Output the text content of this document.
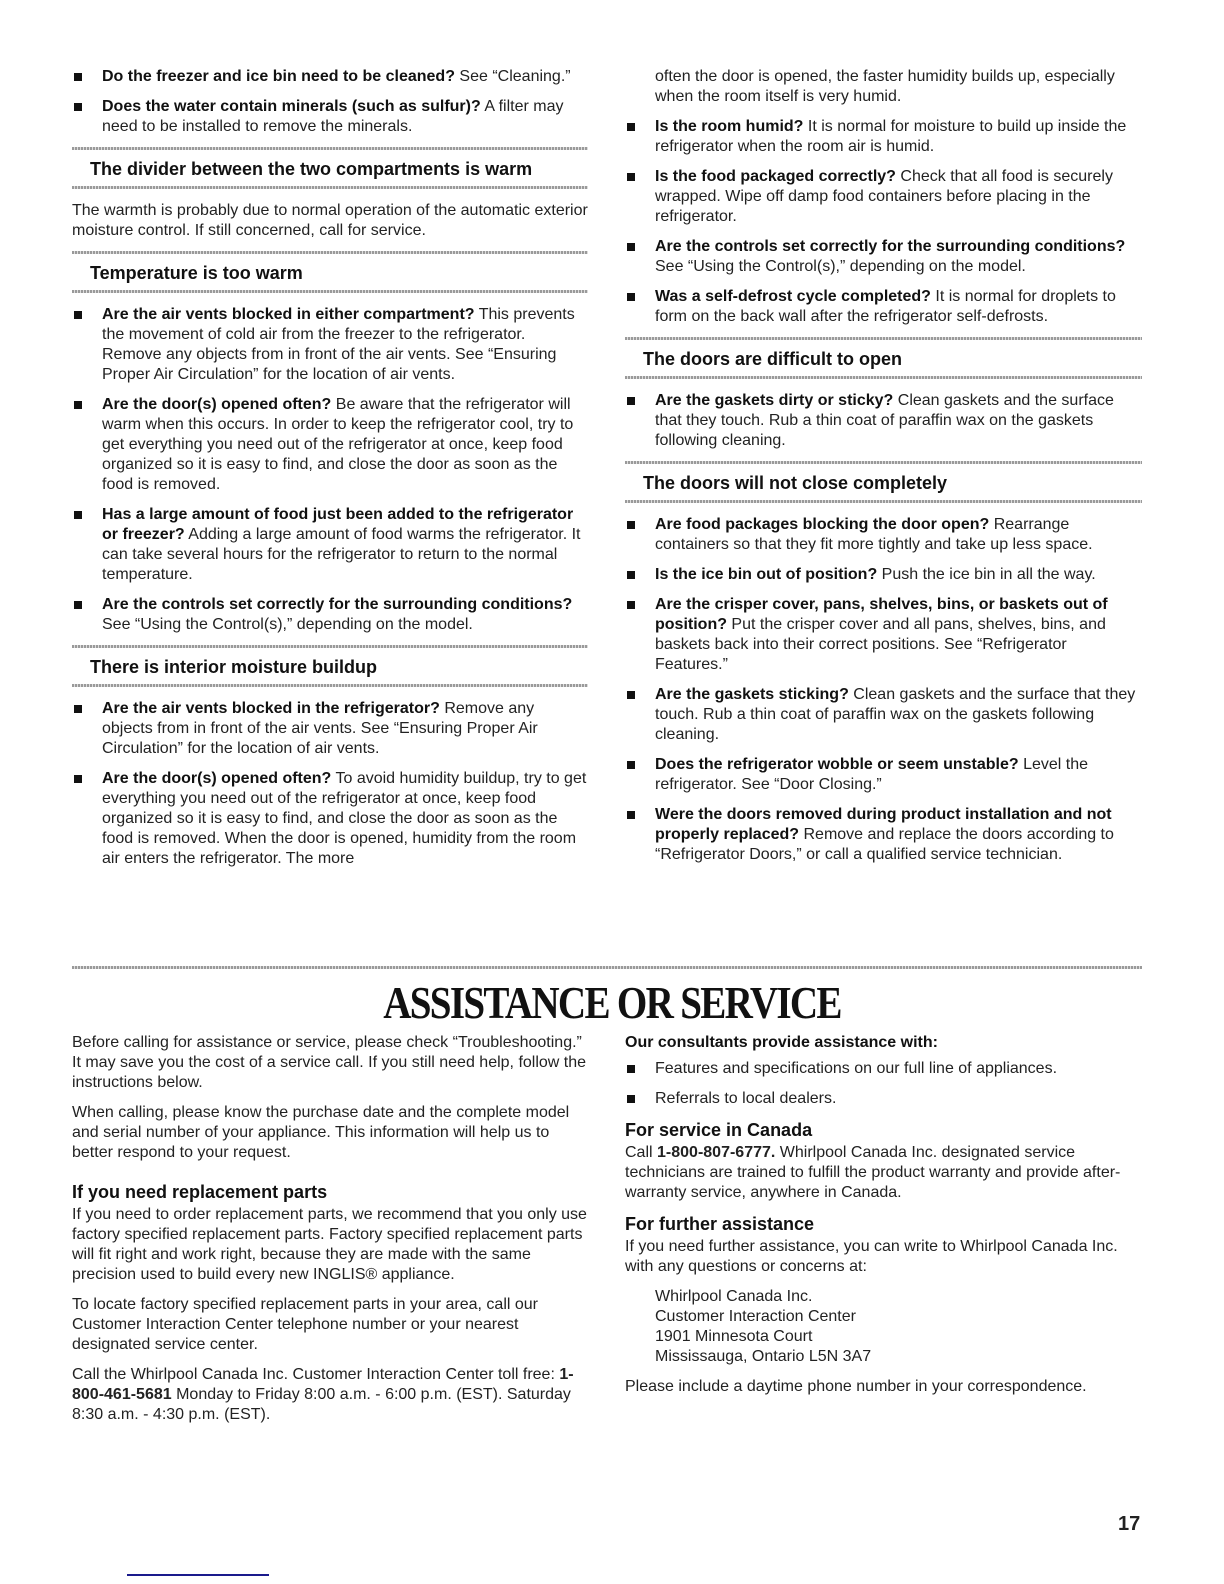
Do the freezer and ice bin need to be cleaned? See “Cleaning.”
Does the water contain minerals (such as sulfur)? A filter may need to be installed to remove the minerals.
The divider between the two compartments is warm
The warmth is probably due to normal operation of the automatic exterior moisture control. If still concerned, call for service.
Temperature is too warm
Are the air vents blocked in either compartment? This prevents the movement of cold air from the freezer to the refrigerator. Remove any objects from in front of the air vents. See “Ensuring Proper Air Circulation” for the location of air vents.
Are the door(s) opened often? Be aware that the refrigerator will warm when this occurs. In order to keep the refrigerator cool, try to get everything you need out of the refrigerator at once, keep food organized so it is easy to find, and close the door as soon as the food is removed.
Has a large amount of food just been added to the refrigerator or freezer? Adding a large amount of food warms the refrigerator. It can take several hours for the refrigerator to return to the normal temperature.
Are the controls set correctly for the surrounding conditions? See “Using the Control(s),” depending on the model.
There is interior moisture buildup
Are the air vents blocked in the refrigerator? Remove any objects from in front of the air vents. See “Ensuring Proper Air Circulation” for the location of air vents.
Are the door(s) opened often? To avoid humidity buildup, try to get everything you need out of the refrigerator at once, keep food organized so it is easy to find, and close the door as soon as the food is removed. When the door is opened, humidity from the room air enters the refrigerator. The more
often the door is opened, the faster humidity builds up, especially when the room itself is very humid.
Is the room humid? It is normal for moisture to build up inside the refrigerator when the room air is humid.
Is the food packaged correctly? Check that all food is securely wrapped. Wipe off damp food containers before placing in the refrigerator.
Are the controls set correctly for the surrounding conditions? See “Using the Control(s),” depending on the model.
Was a self-defrost cycle completed? It is normal for droplets to form on the back wall after the refrigerator self-defrosts.
The doors are difficult to open
Are the gaskets dirty or sticky? Clean gaskets and the surface that they touch. Rub a thin coat of paraffin wax on the gaskets following cleaning.
The doors will not close completely
Are food packages blocking the door open? Rearrange containers so that they fit more tightly and take up less space.
Is the ice bin out of position? Push the ice bin in all the way.
Are the crisper cover, pans, shelves, bins, or baskets out of position? Put the crisper cover and all pans, shelves, bins, and baskets back into their correct positions. See “Refrigerator Features.”
Are the gaskets sticking? Clean gaskets and the surface that they touch. Rub a thin coat of paraffin wax on the gaskets following cleaning.
Does the refrigerator wobble or seem unstable? Level the refrigerator. See “Door Closing.”
Were the doors removed during product installation and not properly replaced? Remove and replace the doors according to “Refrigerator Doors,” or call a qualified service technician.
ASSISTANCE OR SERVICE
Before calling for assistance or service, please check “Troubleshooting.” It may save you the cost of a service call. If you still need help, follow the instructions below.
When calling, please know the purchase date and the complete model and serial number of your appliance. This information will help us to better respond to your request.
If you need replacement parts
If you need to order replacement parts, we recommend that you only use factory specified replacement parts. Factory specified replacement parts will fit right and work right, because they are made with the same precision used to build every new INGLIS® appliance.
To locate factory specified replacement parts in your area, call our Customer Interaction Center telephone number or your nearest designated service center.
Call the Whirlpool Canada Inc. Customer Interaction Center toll free: 1-800-461-5681 Monday to Friday 8:00 a.m. - 6:00 p.m. (EST). Saturday 8:30 a.m. - 4:30 p.m. (EST).
Our consultants provide assistance with:
Features and specifications on our full line of appliances.
Referrals to local dealers.
For service in Canada
Call 1-800-807-6777. Whirlpool Canada Inc. designated service technicians are trained to fulfill the product warranty and provide after-warranty service, anywhere in Canada.
For further assistance
If you need further assistance, you can write to Whirlpool Canada Inc. with any questions or concerns at:
Whirlpool Canada Inc.
Customer Interaction Center
1901 Minnesota Court
Mississauga, Ontario L5N 3A7
Please include a daytime phone number in your correspondence.
17
